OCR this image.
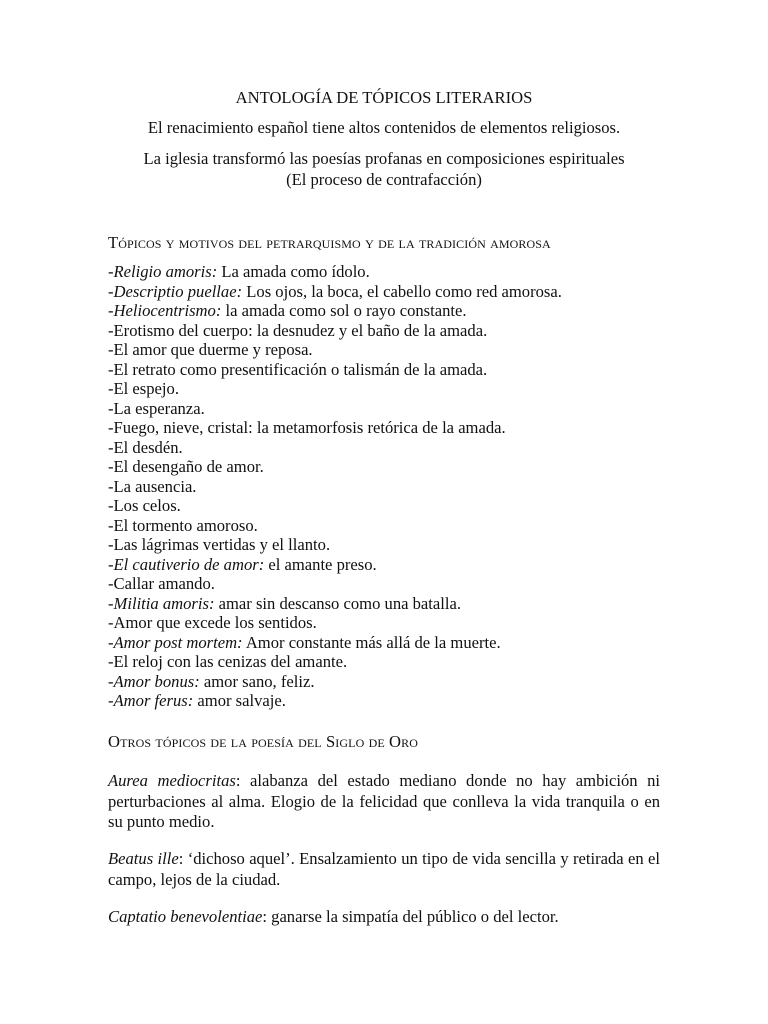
ANTOLOGÍA DE TÓPICOS LITERARIOS
El renacimiento español tiene altos contenidos de elementos religiosos.
La iglesia transformó las poesías profanas en composiciones espirituales
(El proceso de contrafacción)
Tópicos y motivos del petrarquismo y de la tradición amorosa
-Religio amoris: La amada como ídolo.
-Descriptio puellae: Los ojos, la boca, el cabello como red amorosa.
-Heliocentrismo: la amada como sol o rayo constante.
-Erotismo del cuerpo: la desnudez y el baño de la amada.
-El amor que duerme y reposa.
-El retrato como presentificación o talismán de la amada.
-El espejo.
-La esperanza.
-Fuego, nieve, cristal: la metamorfosis retórica de la amada.
-El desdén.
-El desengaño de amor.
-La ausencia.
-Los celos.
-El tormento amoroso.
-Las lágrimas vertidas y el llanto.
-El cautiverio de amor: el amante preso.
-Callar amando.
-Militia amoris: amar sin descanso como una batalla.
-Amor que excede los sentidos.
-Amor post mortem: Amor constante más allá de la muerte.
-El reloj con las cenizas del amante.
-Amor bonus: amor sano, feliz.
-Amor ferus: amor salvaje.
Otros tópicos de la poesía del Siglo de Oro

Aurea mediocritas: alabanza del estado mediano donde no hay ambición ni perturbaciones al alma. Elogio de la felicidad que conlleva la vida tranquila o en su punto medio.

Beatus ille: ‘dichoso aquel’. Ensalzamiento un tipo de vida sencilla y retirada en el campo, lejos de la ciudad.

Captatio benevolentiae: ganarse la simpatía del público o del lector.
